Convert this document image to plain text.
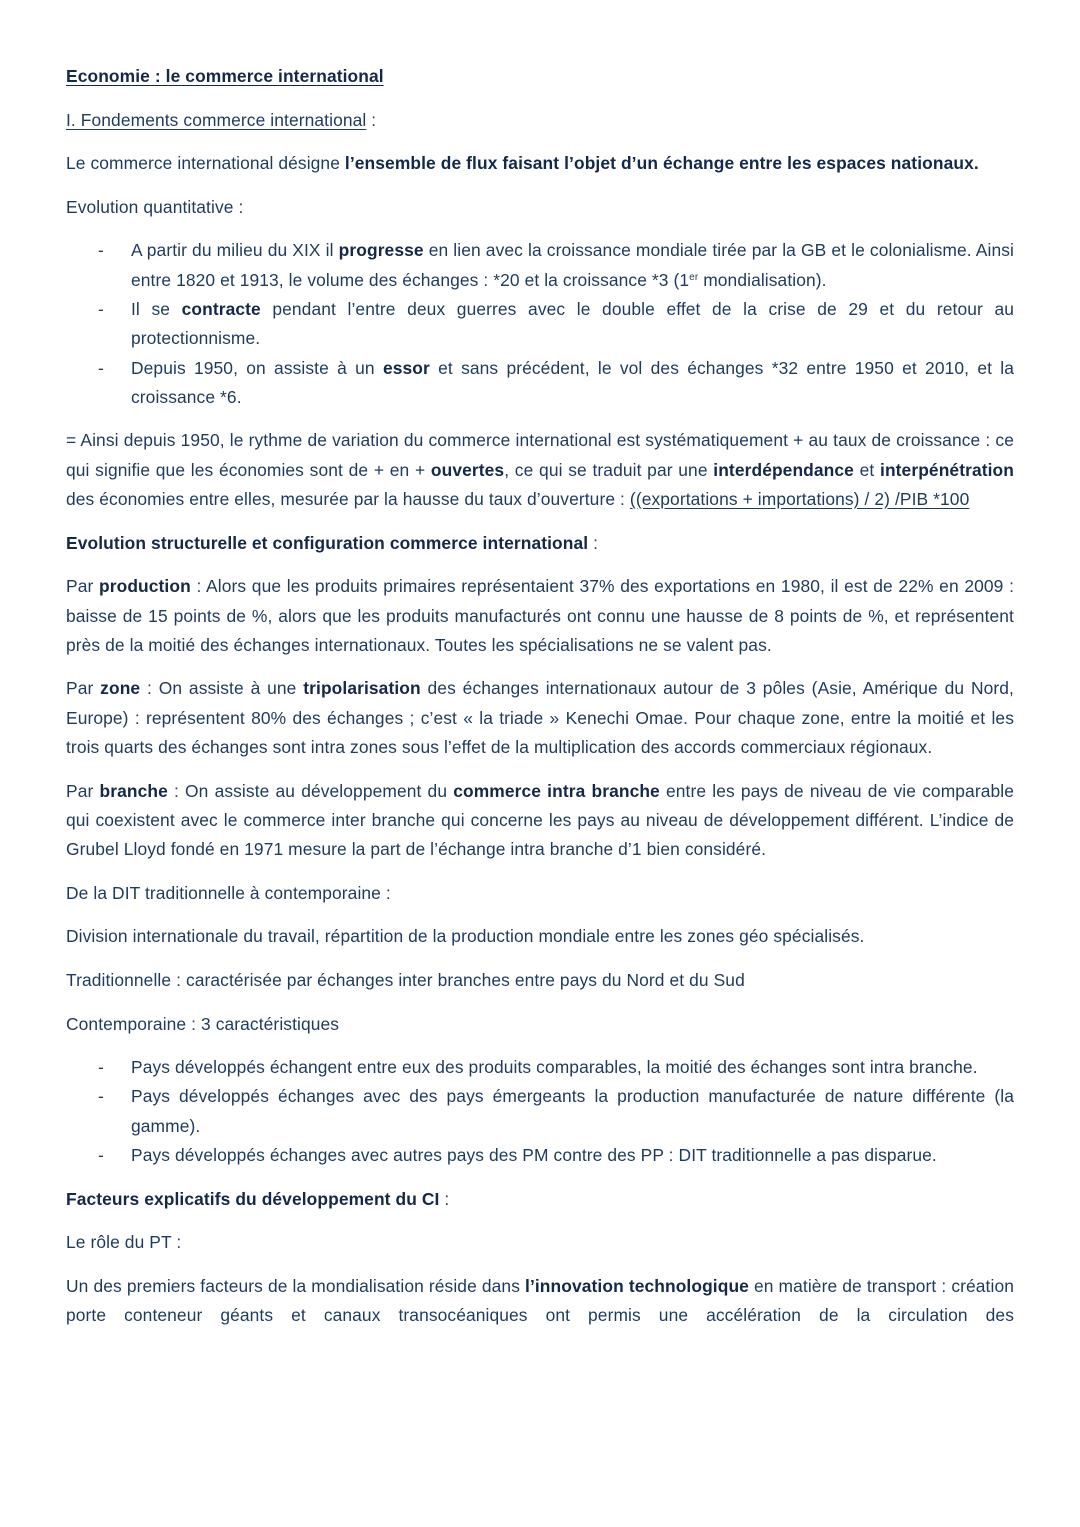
Economie : le commerce international

I. Fondements commerce international :

Le commerce international désigne l’ensemble de flux faisant l’objet d’un échange entre les espaces nationaux.

Evolution quantitative :

- A partir du milieu du XIX il progresse en lien avec la croissance mondiale tirée par la GB et le colonialisme. Ainsi entre 1820 et 1913, le volume des échanges : *20 et la croissance *3 (1er mondialisation).
- Il se contracte pendant l’entre deux guerres avec le double effet de la crise de 29 et du retour au protectionnisme.
- Depuis 1950, on assiste à un essor et sans précédent, le vol des échanges *32 entre 1950 et 2010, et la croissance *6.

= Ainsi depuis 1950, le rythme de variation du commerce international est systématiquement + au taux de croissance : ce qui signifie que les économies sont de + en + ouvertes, ce qui se traduit par une interdépendance et interpénétration des économies entre elles, mesurée par la hausse du taux d’ouverture : ((exportations + importations) / 2) /PIB *100

Evolution structurelle et configuration commerce international :

Par production : Alors que les produits primaires représentaient 37% des exportations en 1980, il est de 22% en 2009 : baisse de 15 points de %, alors que les produits manufacturés ont connu une hausse de 8 points de %, et représentent près de la moitié des échanges internationaux. Toutes les spécialisations ne se valent pas.

Par zone : On assiste à une tripolarisation des échanges internationaux autour de 3 pôles (Asie, Amérique du Nord, Europe) : représentent 80% des échanges ; c’est « la triade » Kenechi Omae. Pour chaque zone, entre la moitié et les trois quarts des échanges sont intra zones sous l’effet de la multiplication des accords commerciaux régionaux.

Par branche : On assiste au développement du commerce intra branche entre les pays de niveau de vie comparable qui coexistent avec le commerce inter branche qui concerne les pays au niveau de développement différent. L’indice de Grubel Lloyd fondé en 1971 mesure la part de l’échange intra branche d’1 bien considéré.

De la DIT traditionnelle à contemporaine :

Division internationale du travail, répartition de la production mondiale entre les zones géo spécialisés.

Traditionnelle : caractérisée par échanges inter branches entre pays du Nord et du Sud

Contemporaine : 3 caractéristiques

- Pays développés échangent entre eux des produits comparables, la moitié des échanges sont intra branche.
- Pays développés échanges avec des pays émergeants la production manufacturée de nature différente (la gamme).
- Pays développés échanges avec autres pays des PM contre des PP : DIT traditionnelle a pas disparue.

Facteurs explicatifs du développement du CI :

Le rôle du PT :

Un des premiers facteurs de la mondialisation réside dans l’innovation technologique en matière de transport : création porte conteneur géants et canaux transocéaniques ont permis une accélération de la circulation des
